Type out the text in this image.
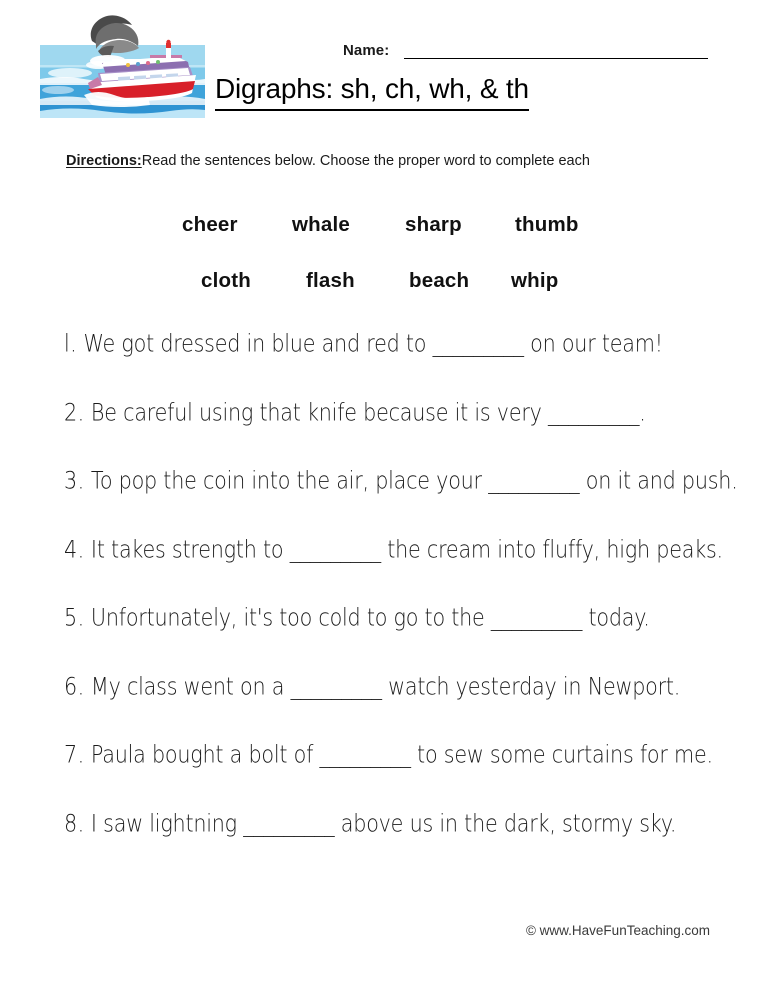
Name:
Digraphs: sh, ch, wh, & th
Directions:Read the sentences below. Choose the proper word to complete each
cheer	whale	sharp	thumb
cloth	flash	beach whip
l. We got dressed in blue and red to _________ on our team!
2. Be careful using that knife because it is very _________.
3. To pop the coin into the air, place your _________ on it and push.
4. It takes strength to _________ the cream into fluffy, high peaks.
5. Unfortunately, it's too cold to go to the _________ today.
6. My class went on a _________ watch yesterday in Newport.
7. Paula bought a bolt of _________ to sew some curtains for me.
8. I saw lightning _________ above us in the dark, stormy sky.
© www.HaveFunTeaching.com
